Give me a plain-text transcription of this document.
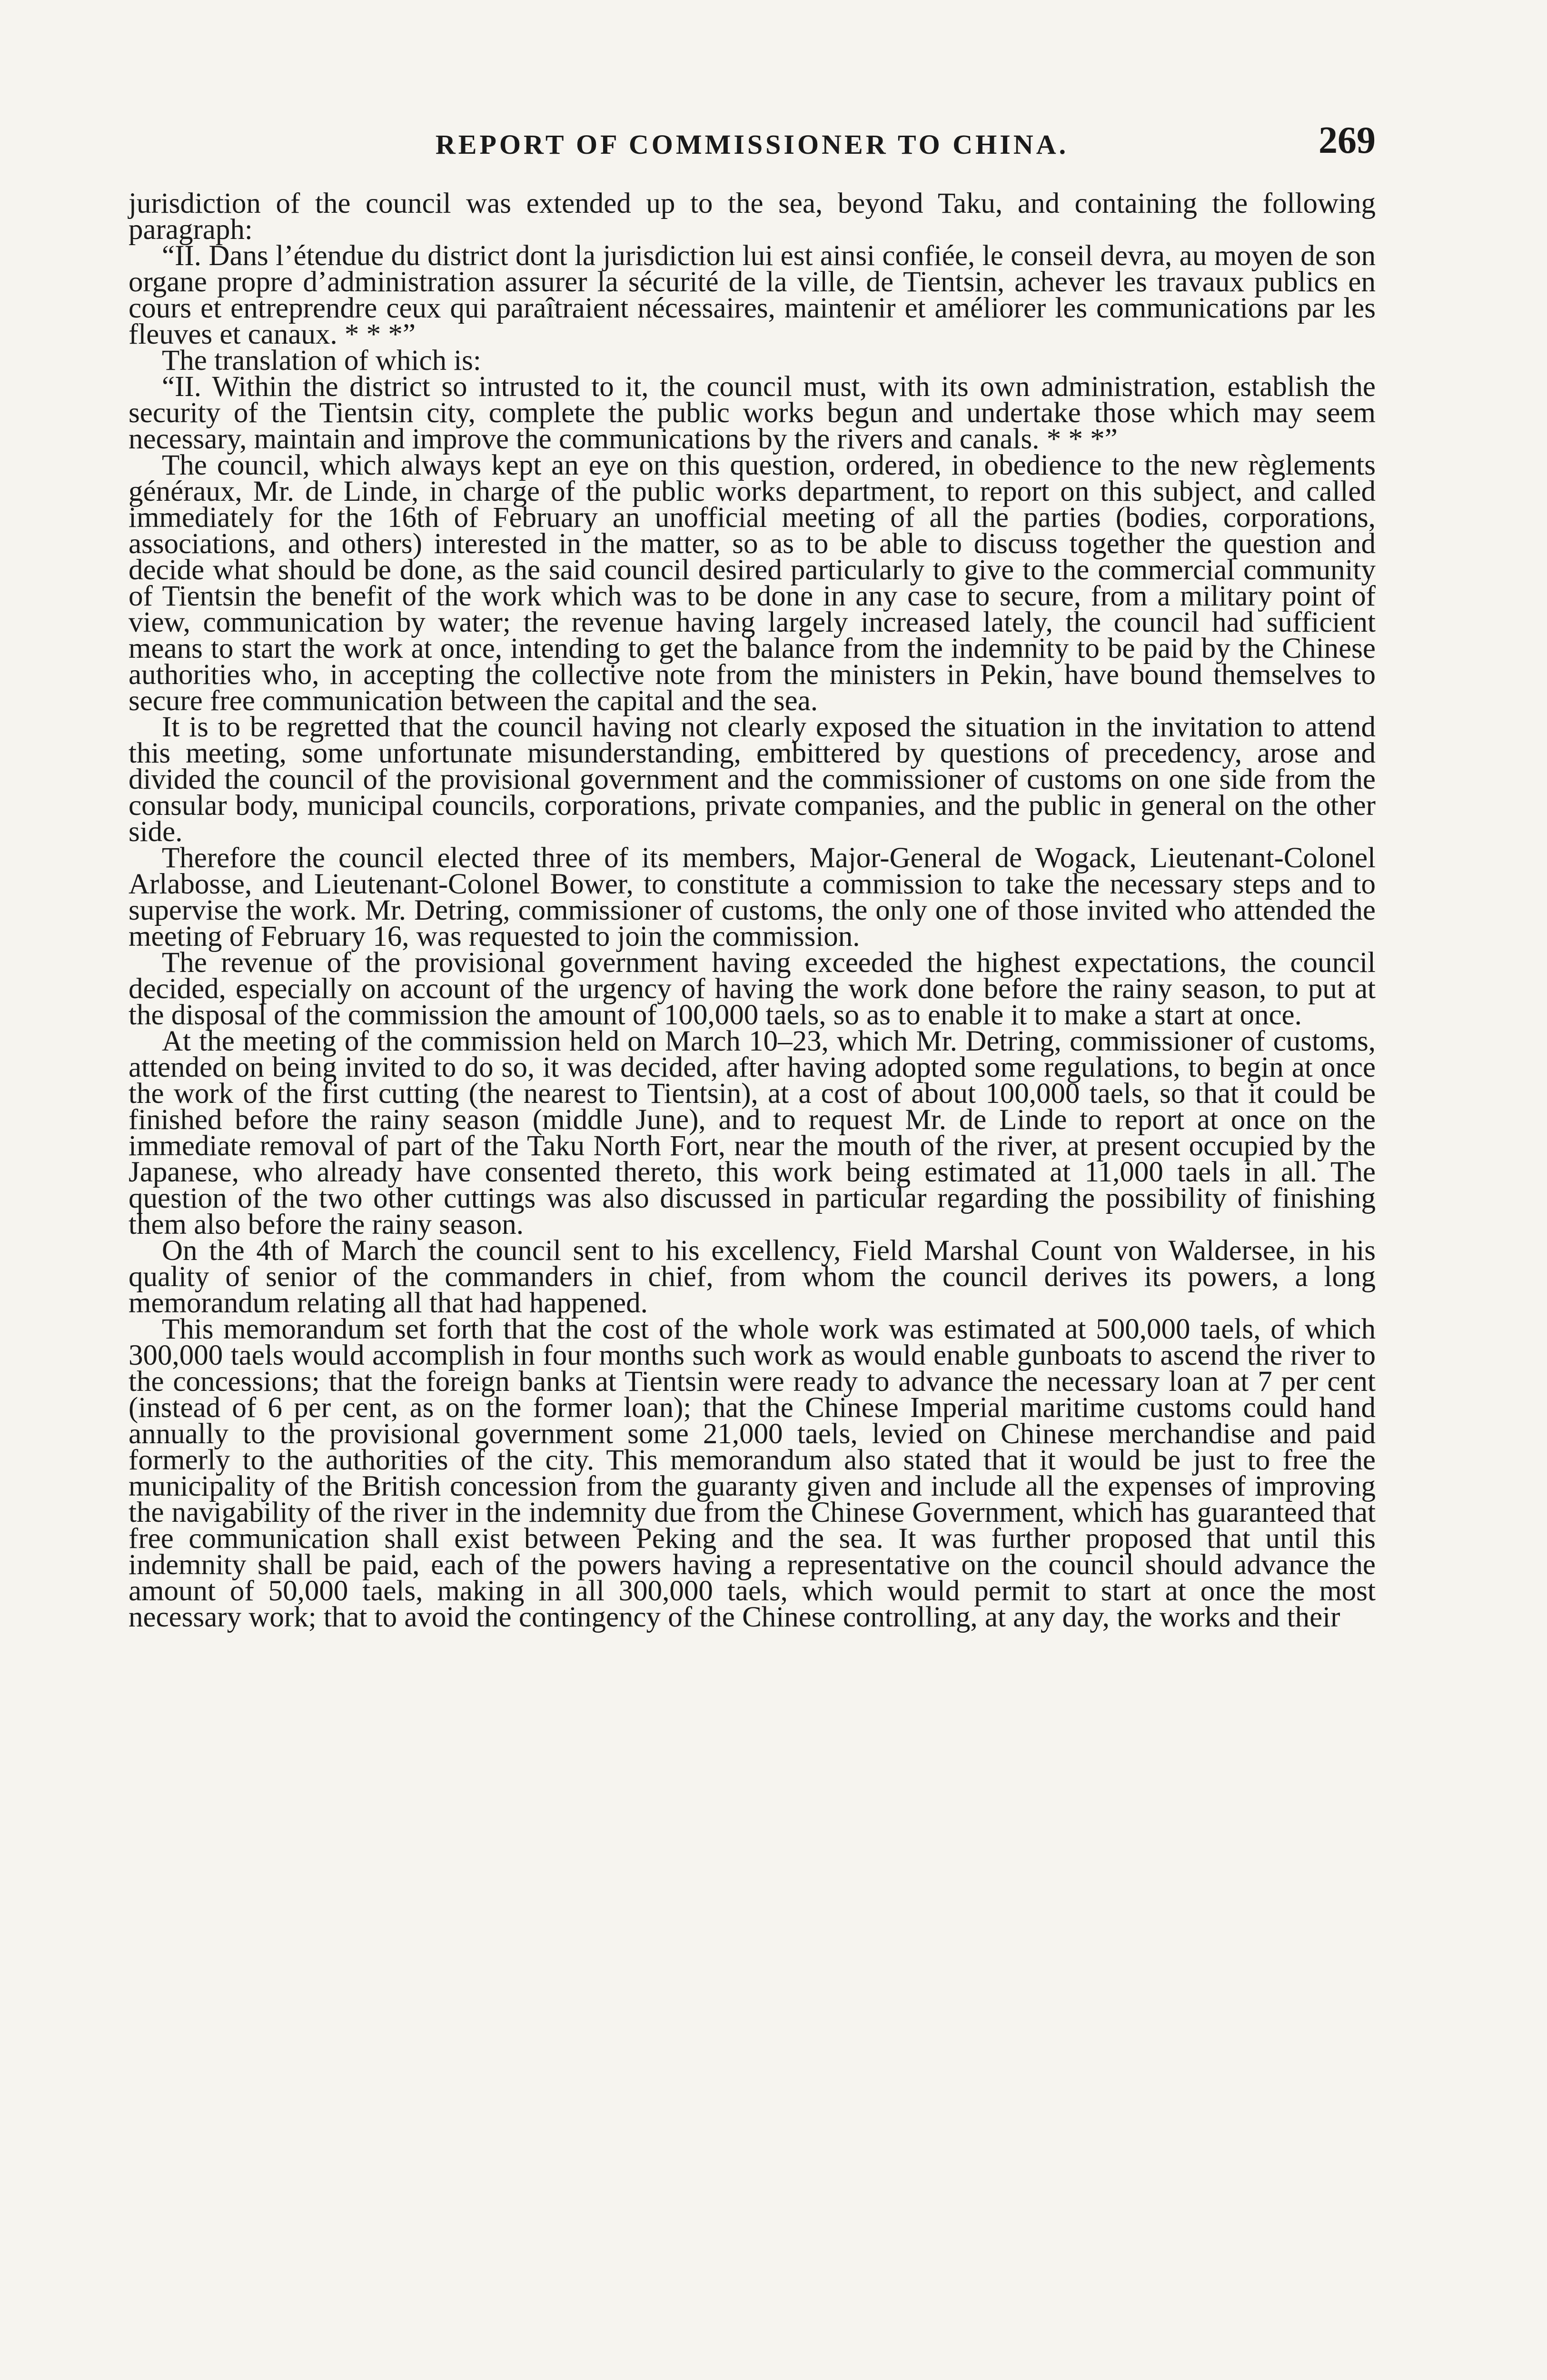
REPORT OF COMMISSIONER TO CHINA.	269

jurisdiction of the council was extended up to the sea, beyond Taku, and containing the following paragraph:

“II. Dans l’étendue du district dont la jurisdiction lui est ainsi confiée, le conseil devra, au moyen de son organe propre d’administration assurer la sécurité de la ville, de Tientsin, achever les travaux publics en cours et entreprendre ceux qui paraîtraient nécessaires, maintenir et améliorer les communications par les fleuves et canaux. * * *”

The translation of which is:

“II. Within the district so intrusted to it, the council must, with its own administration, establish the security of the Tientsin city, complete the public works begun and undertake those which may seem necessary, maintain and improve the communications by the rivers and canals. * * *”

The council, which always kept an eye on this question, ordered, in obedience to the new règlements généraux, Mr. de Linde, in charge of the public works department, to report on this subject, and called immediately for the 16th of February an unofficial meeting of all the parties (bodies, corporations, associations, and others) interested in the matter, so as to be able to discuss together the question and decide what should be done, as the said council desired particularly to give to the commercial community of Tientsin the benefit of the work which was to be done in any case to secure, from a military point of view, communication by water; the revenue having largely increased lately, the council had sufficient means to start the work at once, intending to get the balance from the indemnity to be paid by the Chinese authorities who, in accepting the collective note from the ministers in Pekin, have bound themselves to secure free communication between the capital and the sea.

It is to be regretted that the council having not clearly exposed the situation in the invitation to attend this meeting, some unfortunate misunderstanding, embittered by questions of precedency, arose and divided the council of the provisional government and the commissioner of customs on one side from the consular body, municipal councils, corporations, private companies, and the public in general on the other side.

Therefore the council elected three of its members, Major-General de Wogack, Lieutenant-Colonel Arlabosse, and Lieutenant-Colonel Bower, to constitute a commission to take the necessary steps and to supervise the work. Mr. Detring, commissioner of customs, the only one of those invited who attended the meeting of February 16, was requested to join the commission.

The revenue of the provisional government having exceeded the highest expectations, the council decided, especially on account of the urgency of having the work done before the rainy season, to put at the disposal of the commission the amount of 100,000 taels, so as to enable it to make a start at once.

At the meeting of the commission held on March 10–23, which Mr. Detring, commissioner of customs, attended on being invited to do so, it was decided, after having adopted some regulations, to begin at once the work of the first cutting (the nearest to Tientsin), at a cost of about 100,000 taels, so that it could be finished before the rainy season (middle June), and to request Mr. de Linde to report at once on the immediate removal of part of the Taku North Fort, near the mouth of the river, at present occupied by the Japanese, who already have consented thereto, this work being estimated at 11,000 taels in all. The question of the two other cuttings was also discussed in particular regarding the possibility of finishing them also before the rainy season.

On the 4th of March the council sent to his excellency, Field Marshal Count von Waldersee, in his quality of senior of the commanders in chief, from whom the council derives its powers, a long memorandum relating all that had happened.

This memorandum set forth that the cost of the whole work was estimated at 500,000 taels, of which 300,000 taels would accomplish in four months such work as would enable gunboats to ascend the river to the concessions; that the foreign banks at Tientsin were ready to advance the necessary loan at 7 per cent (instead of 6 per cent, as on the former loan); that the Chinese Imperial maritime customs could hand annually to the provisional government some 21,000 taels, levied on Chinese merchandise and paid formerly to the authorities of the city. This memorandum also stated that it would be just to free the municipality of the British concession from the guaranty given and include all the expenses of improving the navigability of the river in the indemnity due from the Chinese Government, which has guaranteed that free communication shall exist between Peking and the sea. It was further proposed that until this indemnity shall be paid, each of the powers having a representative on the council should advance the amount of 50,000 taels, making in all 300,000 taels, which would permit to start at once the most necessary work; that to avoid the contingency of the Chinese controlling, at any day, the works and their
